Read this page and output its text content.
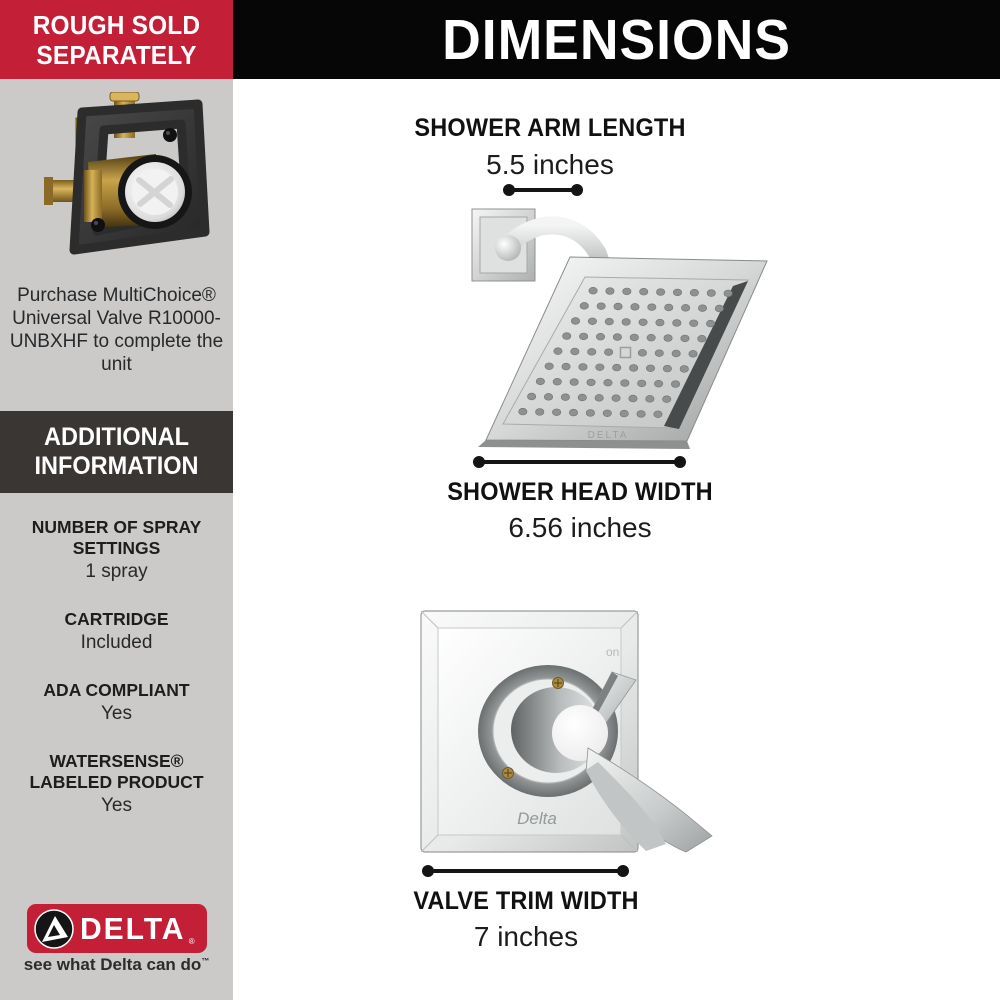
ROUGH SOLD SEPARATELY
Purchase MultiChoice® Universal Valve R10000-UNBXHF to complete the unit
ADDITIONAL INFORMATION
NUMBER OF SPRAY SETTINGS
1 spray
CARTRIDGE
Included
ADA COMPLIANT
Yes
WATERSENSE® LABELED PRODUCT
Yes
DELTA ®
see what Delta can do™
DIMENSIONS
SHOWER ARM LENGTH
5.5 inches
DELTA
SHOWER HEAD WIDTH
6.56 inches
on
Delta
VALVE TRIM WIDTH
7 inches
